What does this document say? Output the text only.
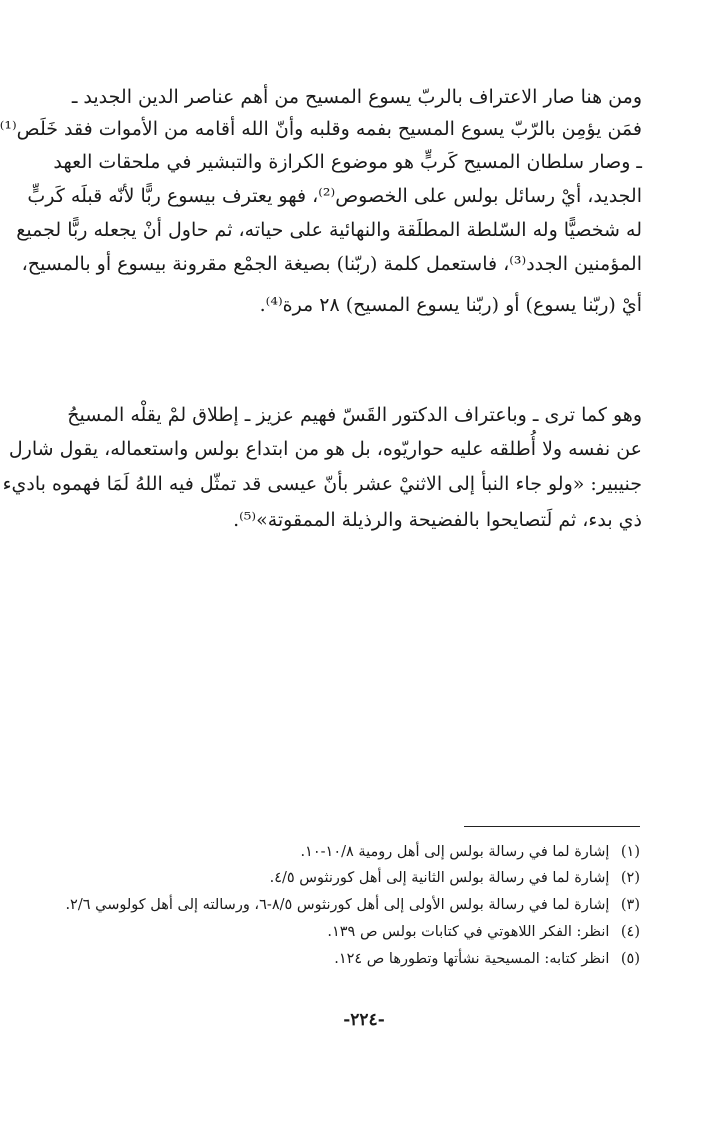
ومن هنا صار الاعتراف بالربّ يسوع المسيح من أهم عناصر الدين الجديد ـ
فمَن يؤمِن بالرّبّ يسوع المسيح بفمه وقلبه وأنّ الله أقامه من الأموات فقد خَلَص⁽¹⁾
ـ وصار سلطان المسيح كَربٍّ هو موضوع الكرازة والتبشير في ملحقات العهد
الجديد، أيْ رسائل بولس على الخصوص⁽²⁾، فهو يعترف بيسوع ربًّا لأنّه قبلَه كَربٍّ
له شخصيًّا وله السّلطة المطلَقة والنهائية على حياته، ثم حاول أنْ يجعله ربًّا لجميع
المؤمنين الجدد⁽³⁾، فاستعمل كلمة (ربّنا) بصيغة الجمْع مقرونة بيسوع أو بالمسيح،
أيْ (ربّنا يسوع) أو (ربّنا يسوع المسيح) ٢٨ مرة⁽⁴⁾.
وهو كما ترى ـ وباعتراف الدكتور القَسّ فهيم عزيز ـ إطلاق لمْ يقلْه المسيحُ
عن نفسه ولا أُطلقه عليه حواريّوه، بل هو من ابتداع بولس واستعماله، يقول شارل
جنيبير: «ولو جاء النبأ إلى الاثنيْ عشر بأنّ عيسى قد تمثّل فيه اللهُ لَمَا فهموه باديء
ذي بدء، ثم لَتصايحوا بالفضيحة والرذيلة الممقوتة»⁽⁵⁾.
(١) إشارة لما في رسالة بولس إلى أهل رومية ١٠/٨-١٠.
(٢) إشارة لما في رسالة بولس الثانية إلى أهل كورنثوس ٤/٥.
(٣) إشارة لما في رسالة بولس الأولى إلى أهل كورنثوس ٨/٥-٦، ورسالته إلى أهل كولوسي ٢/٦.
(٤) انظر: الفكر اللاهوتي في كتابات بولس ص ١٣٩.
(٥) انظر كتابه: المسيحية نشأتها وتطورها ص ١٢٤.
-٢٢٤-
